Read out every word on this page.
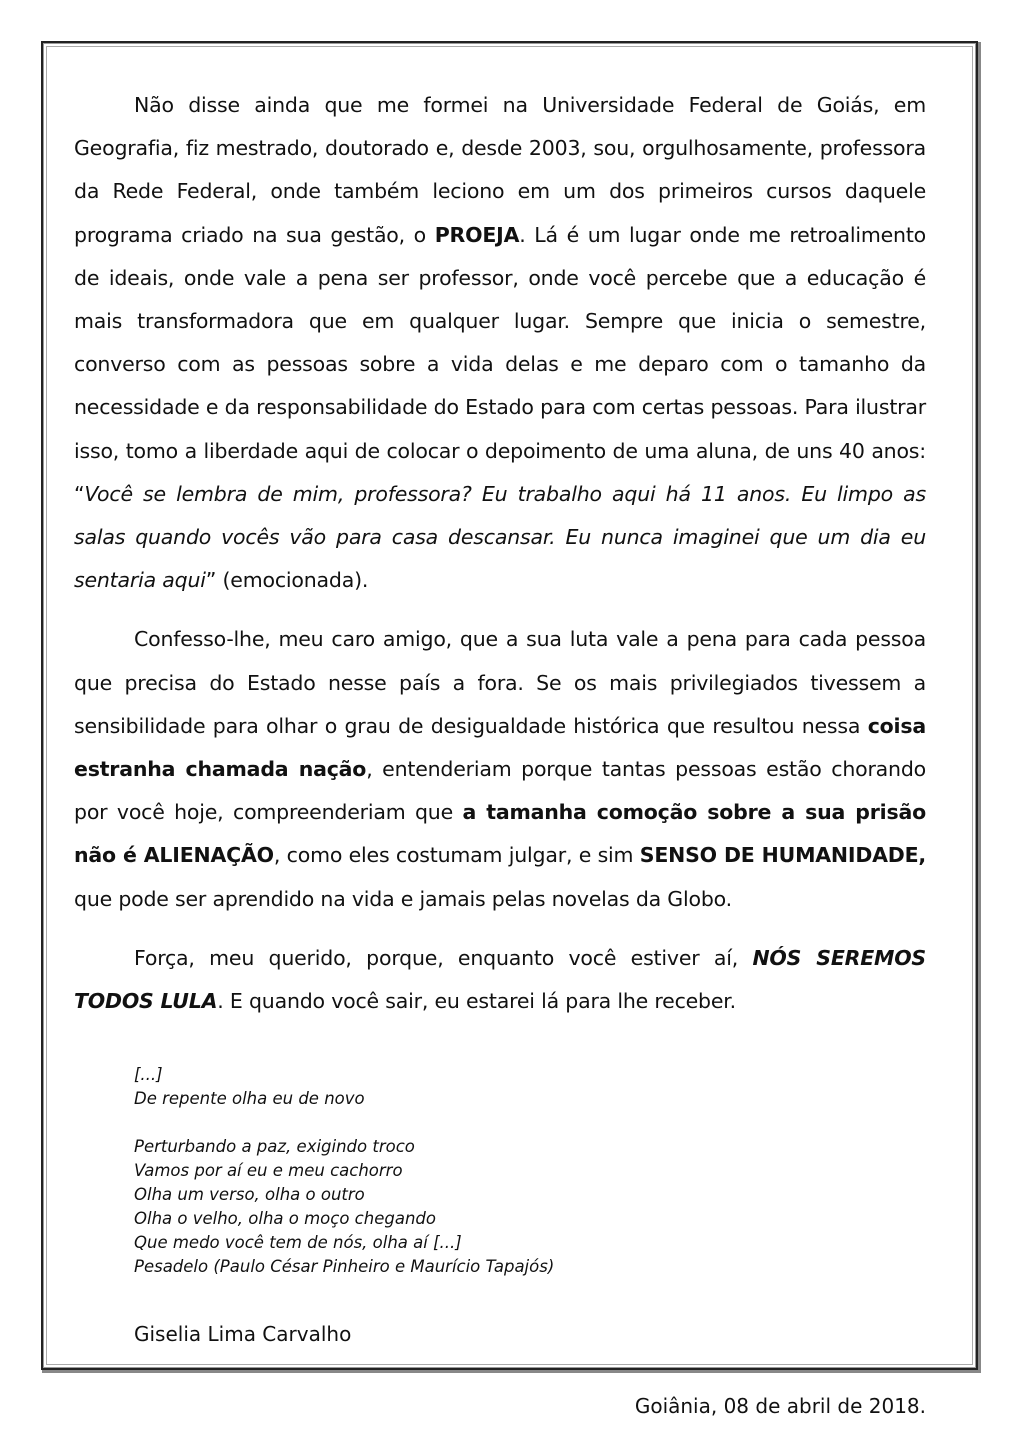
Não disse ainda que me formei na Universidade Federal de Goiás, em Geografia, fiz mestrado, doutorado e, desde 2003, sou, orgulhosamente, professora da Rede Federal, onde também leciono em um dos primeiros cursos daquele programa criado na sua gestão, o PROEJA. Lá é um lugar onde me retroalimento de ideais, onde vale a pena ser professor, onde você percebe que a educação é mais transformadora que em qualquer lugar. Sempre que inicia o semestre, converso com as pessoas sobre a vida delas e me deparo com o tamanho da necessidade e da responsabilidade do Estado para com certas pessoas. Para ilustrar isso, tomo a liberdade aqui de colocar o depoimento de uma aluna, de uns 40 anos: “Você se lembra de mim, professora? Eu trabalho aqui há 11 anos. Eu limpo as salas quando vocês vão para casa descansar. Eu nunca imaginei que um dia eu sentaria aqui” (emocionada).

Confesso-lhe, meu caro amigo, que a sua luta vale a pena para cada pessoa que precisa do Estado nesse país a fora. Se os mais privilegiados tivessem a sensibilidade para olhar o grau de desigualdade histórica que resultou nessa coisa estranha chamada nação, entenderiam porque tantas pessoas estão chorando por você hoje, compreenderiam que a tamanha comoção sobre a sua prisão não é ALIENAÇÃO, como eles costumam julgar, e sim SENSO DE HUMANIDADE, que pode ser aprendido na vida e jamais pelas novelas da Globo.

Força, meu querido, porque, enquanto você estiver aí, NÓS SEREMOS TODOS LULA. E quando você sair, eu estarei lá para lhe receber.

[...]
De repente olha eu de novo
Perturbando a paz, exigindo troco
Vamos por aí eu e meu cachorro
Olha um verso, olha o outro
Olha o velho, olha o moço chegando
Que medo você tem de nós, olha aí [...]
Pesadelo (Paulo César Pinheiro e Maurício Tapajós)
Giselia Lima Carvalho
Goiânia, 08 de abril de 2018.
